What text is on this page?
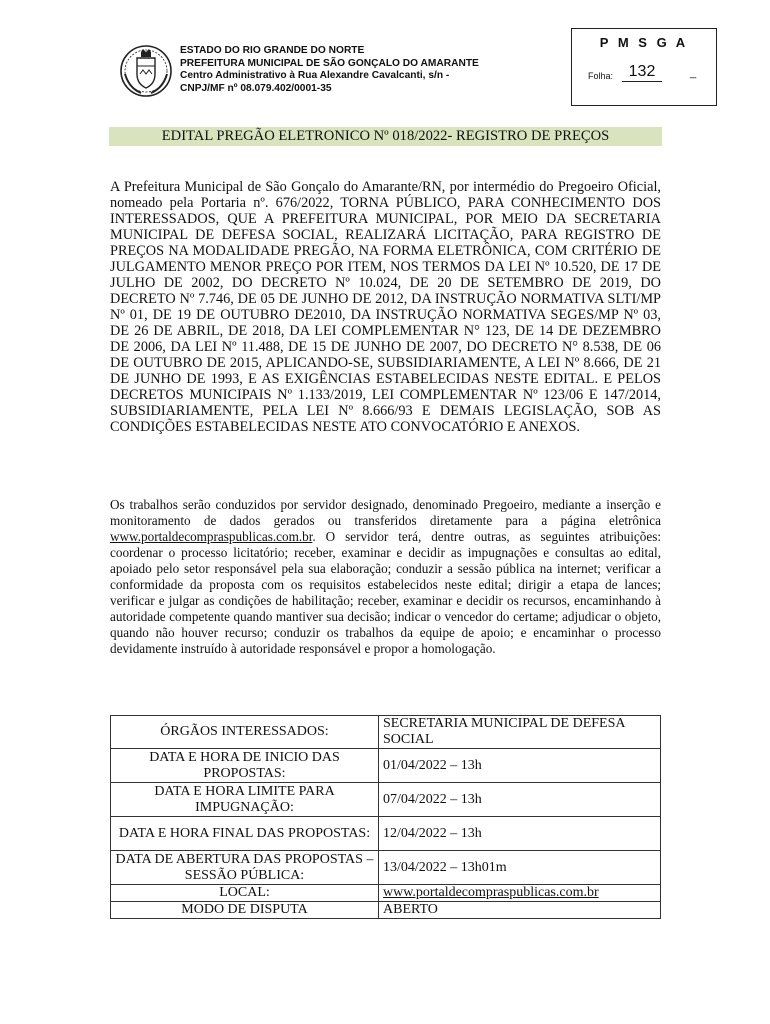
ESTADO DO RIO GRANDE DO NORTE
PREFEITURA MUNICIPAL DE SÃO GONÇALO DO AMARANTE
Centro Administrativo à Rua Alexandre Cavalcanti, s/n -
CNPJ/MF nº 08.079.402/0001-35
P M S G A
Folha: 132	_
EDITAL PREGÃO ELETRONICO Nº 018/2022- REGISTRO DE PREÇOS
A Prefeitura Municipal de São Gonçalo do Amarante/RN, por intermédio do Pregoeiro Oficial, nomeado pela Portaria nº. 676/2022, TORNA PÚBLICO, PARA CONHECIMENTO DOS INTERESSADOS, QUE A PREFEITURA MUNICIPAL, POR MEIO DA SECRETARIA MUNICIPAL DE DEFESA SOCIAL, REALIZARÁ LICITAÇÃO, PARA REGISTRO DE PREÇOS NA MODALIDADE PREGÃO, NA FORMA ELETRÔNICA, COM CRITÉRIO DE JULGAMENTO MENOR PREÇO POR ITEM, NOS TERMOS DA LEI Nº 10.520, DE 17 DE JULHO DE 2002, DO DECRETO Nº 10.024, DE 20 DE SETEMBRO DE 2019, DO DECRETO Nº 7.746, DE 05 DE JUNHO DE 2012, DA INSTRUÇÃO NORMATIVA SLTI/MP Nº 01, DE 19 DE OUTUBRO DE2010, DA INSTRUÇÃO NORMATIVA SEGES/MP Nº 03, DE 26 DE ABRIL, DE 2018, DA LEI COMPLEMENTAR N° 123, DE 14 DE DEZEMBRO DE 2006, DA LEI Nº 11.488, DE 15 DE JUNHO DE 2007, DO DECRETO N° 8.538, DE 06 DE OUTUBRO DE 2015, APLICANDO-SE, SUBSIDIARIAMENTE, A LEI Nº 8.666, DE 21 DE JUNHO DE 1993, E AS EXIGÊNCIAS ESTABELECIDAS NESTE EDITAL. E PELOS DECRETOS MUNICIPAIS Nº 1.133/2019, LEI COMPLEMENTAR Nº 123/06 E 147/2014, SUBSIDIARIAMENTE, PELA LEI Nº 8.666/93 E DEMAIS LEGISLAÇÃO, SOB AS CONDIÇÕES ESTABELECIDAS NESTE ATO CONVOCATÓRIO E ANEXOS.
Os trabalhos serão conduzidos por servidor designado, denominado Pregoeiro, mediante a inserção e monitoramento de dados gerados ou transferidos diretamente para a página eletrônica www.portaldecompraspublicas.com.br. O servidor terá, dentre outras, as seguintes atribuições: coordenar o processo licitatório; receber, examinar e decidir as impugnações e consultas ao edital, apoiado pelo setor responsável pela sua elaboração; conduzir a sessão pública na internet; verificar a conformidade da proposta com os requisitos estabelecidos neste edital; dirigir a etapa de lances; verificar e julgar as condições de habilitação; receber, examinar e decidir os recursos, encaminhando à autoridade competente quando mantiver sua decisão; indicar o vencedor do certame; adjudicar o objeto, quando não houver recurso; conduzir os trabalhos da equipe de apoio; e encaminhar o processo devidamente instruído à autoridade responsável e propor a homologação.
ÓRGÃOS INTERESSADOS:	SECRETARIA MUNICIPAL DE DEFESA SOCIAL
DATA E HORA DE INICIO DAS PROPOSTAS:	01/04/2022 – 13h
DATA E HORA LIMITE PARA IMPUGNAÇÃO:	07/04/2022 – 13h
DATA E HORA FINAL DAS PROPOSTAS:	12/04/2022 – 13h
DATA DE ABERTURA DAS PROPOSTAS – SESSÃO PÚBLICA:	13/04/2022 – 13h01m
LOCAL:	www.portaldecompraspublicas.com.br
MODO DE DISPUTA	ABERTO
